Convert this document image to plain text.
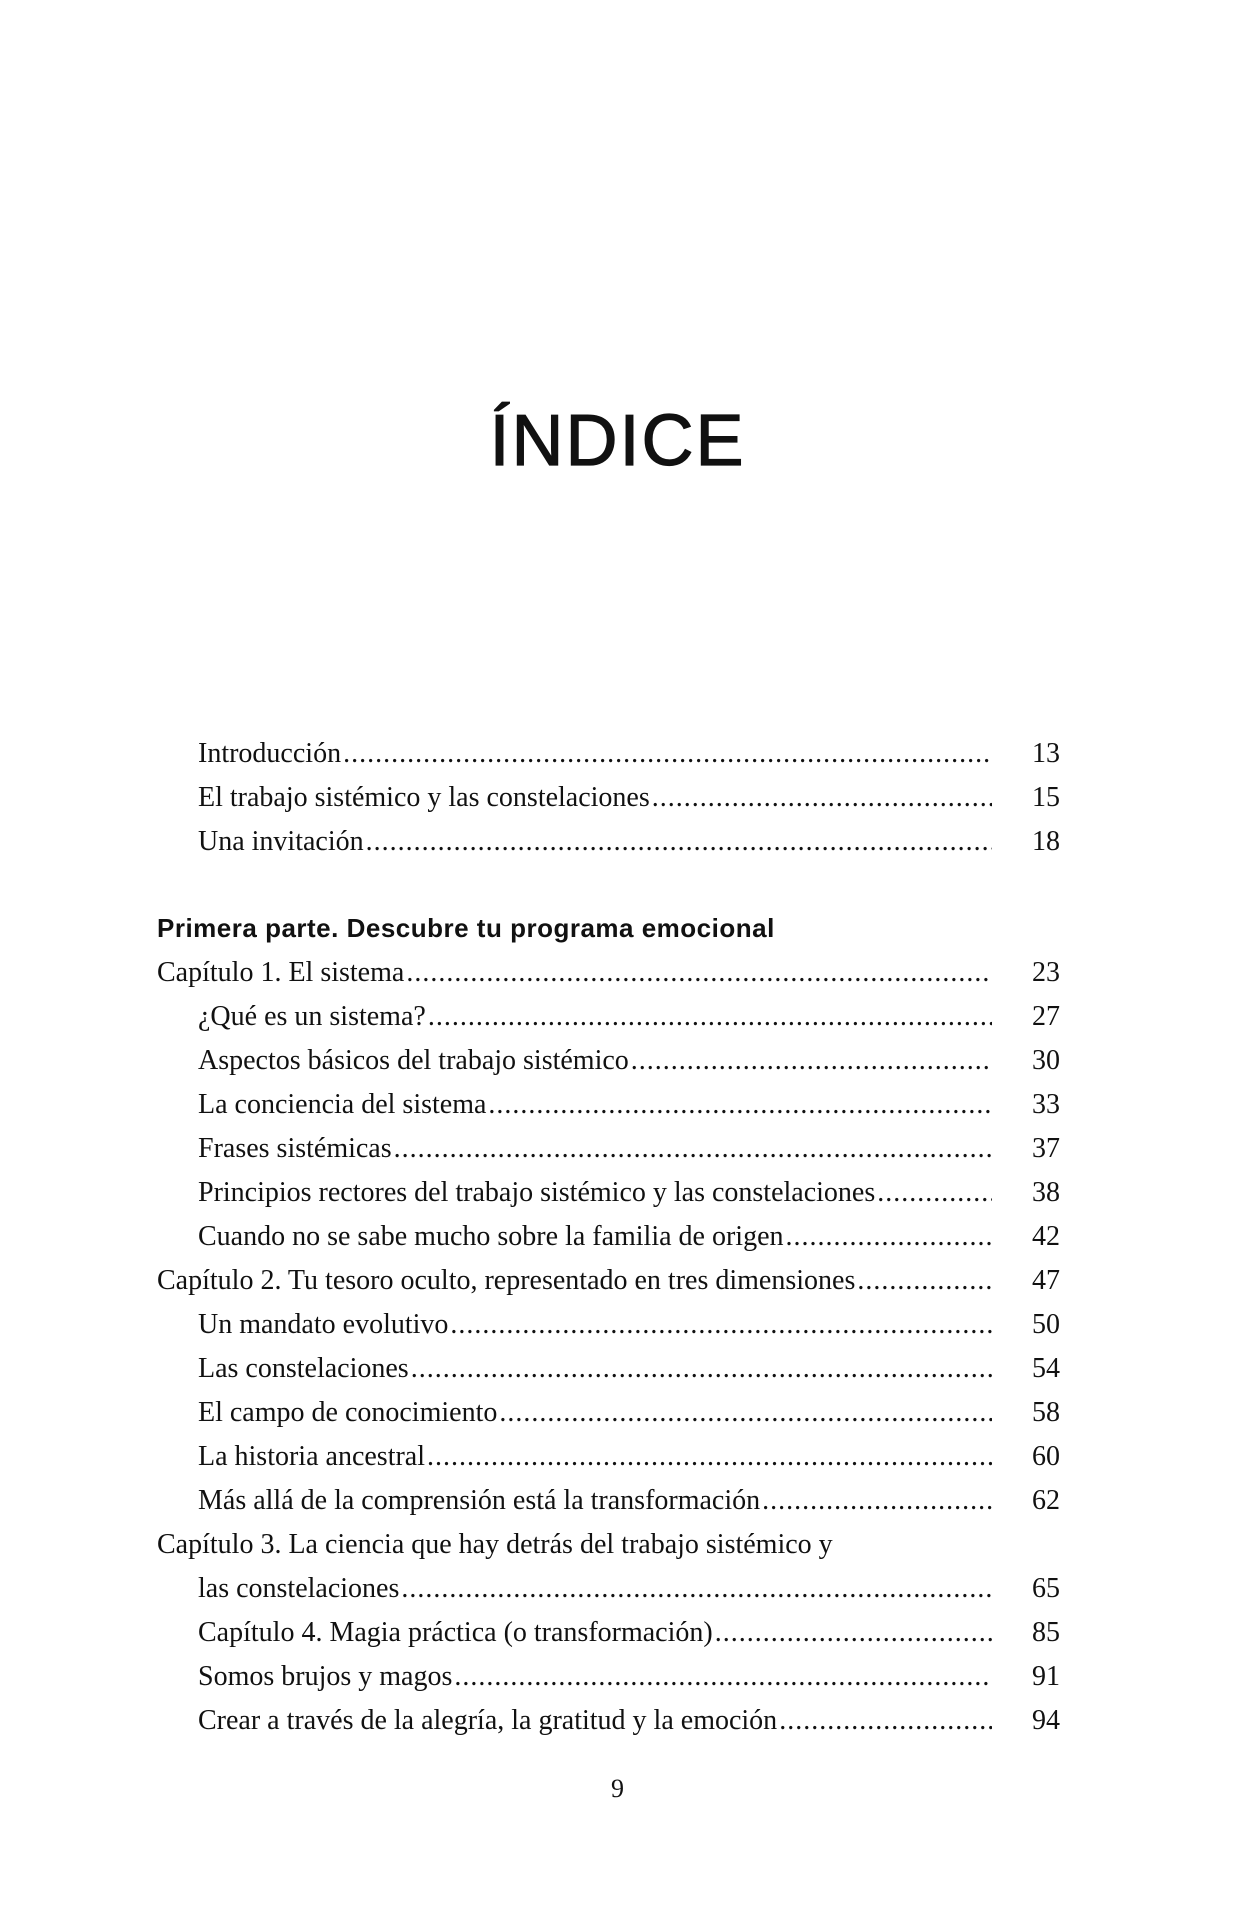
ÍNDICE
Introducción .....	13
El trabajo sistémico y las constelaciones .....	15
Una invitación .....	18
Primera parte. Descubre tu programa emocional
Capítulo 1. El sistema .....	23
¿Qué es un sistema? .....	27
Aspectos básicos del trabajo sistémico .....	30
La conciencia del sistema .....	33
Frases sistémicas .....	37
Principios rectores del trabajo sistémico y las constelaciones .....	38
Cuando no se sabe mucho sobre la familia de origen .....	42
Capítulo 2. Tu tesoro oculto, representado en tres dimensiones .....	47
Un mandato evolutivo .....	50
Las constelaciones .....	54
El campo de conocimiento .....	58
La historia ancestral .....	60
Más allá de la comprensión está la transformación .....	62
Capítulo 3. La ciencia que hay detrás del trabajo sistémico y
las constelaciones .....	65
Capítulo 4. Magia práctica (o transformación) .....	85
Somos brujos y magos .....	91
Crear a través de la alegría, la gratitud y la emoción .....	94
9
